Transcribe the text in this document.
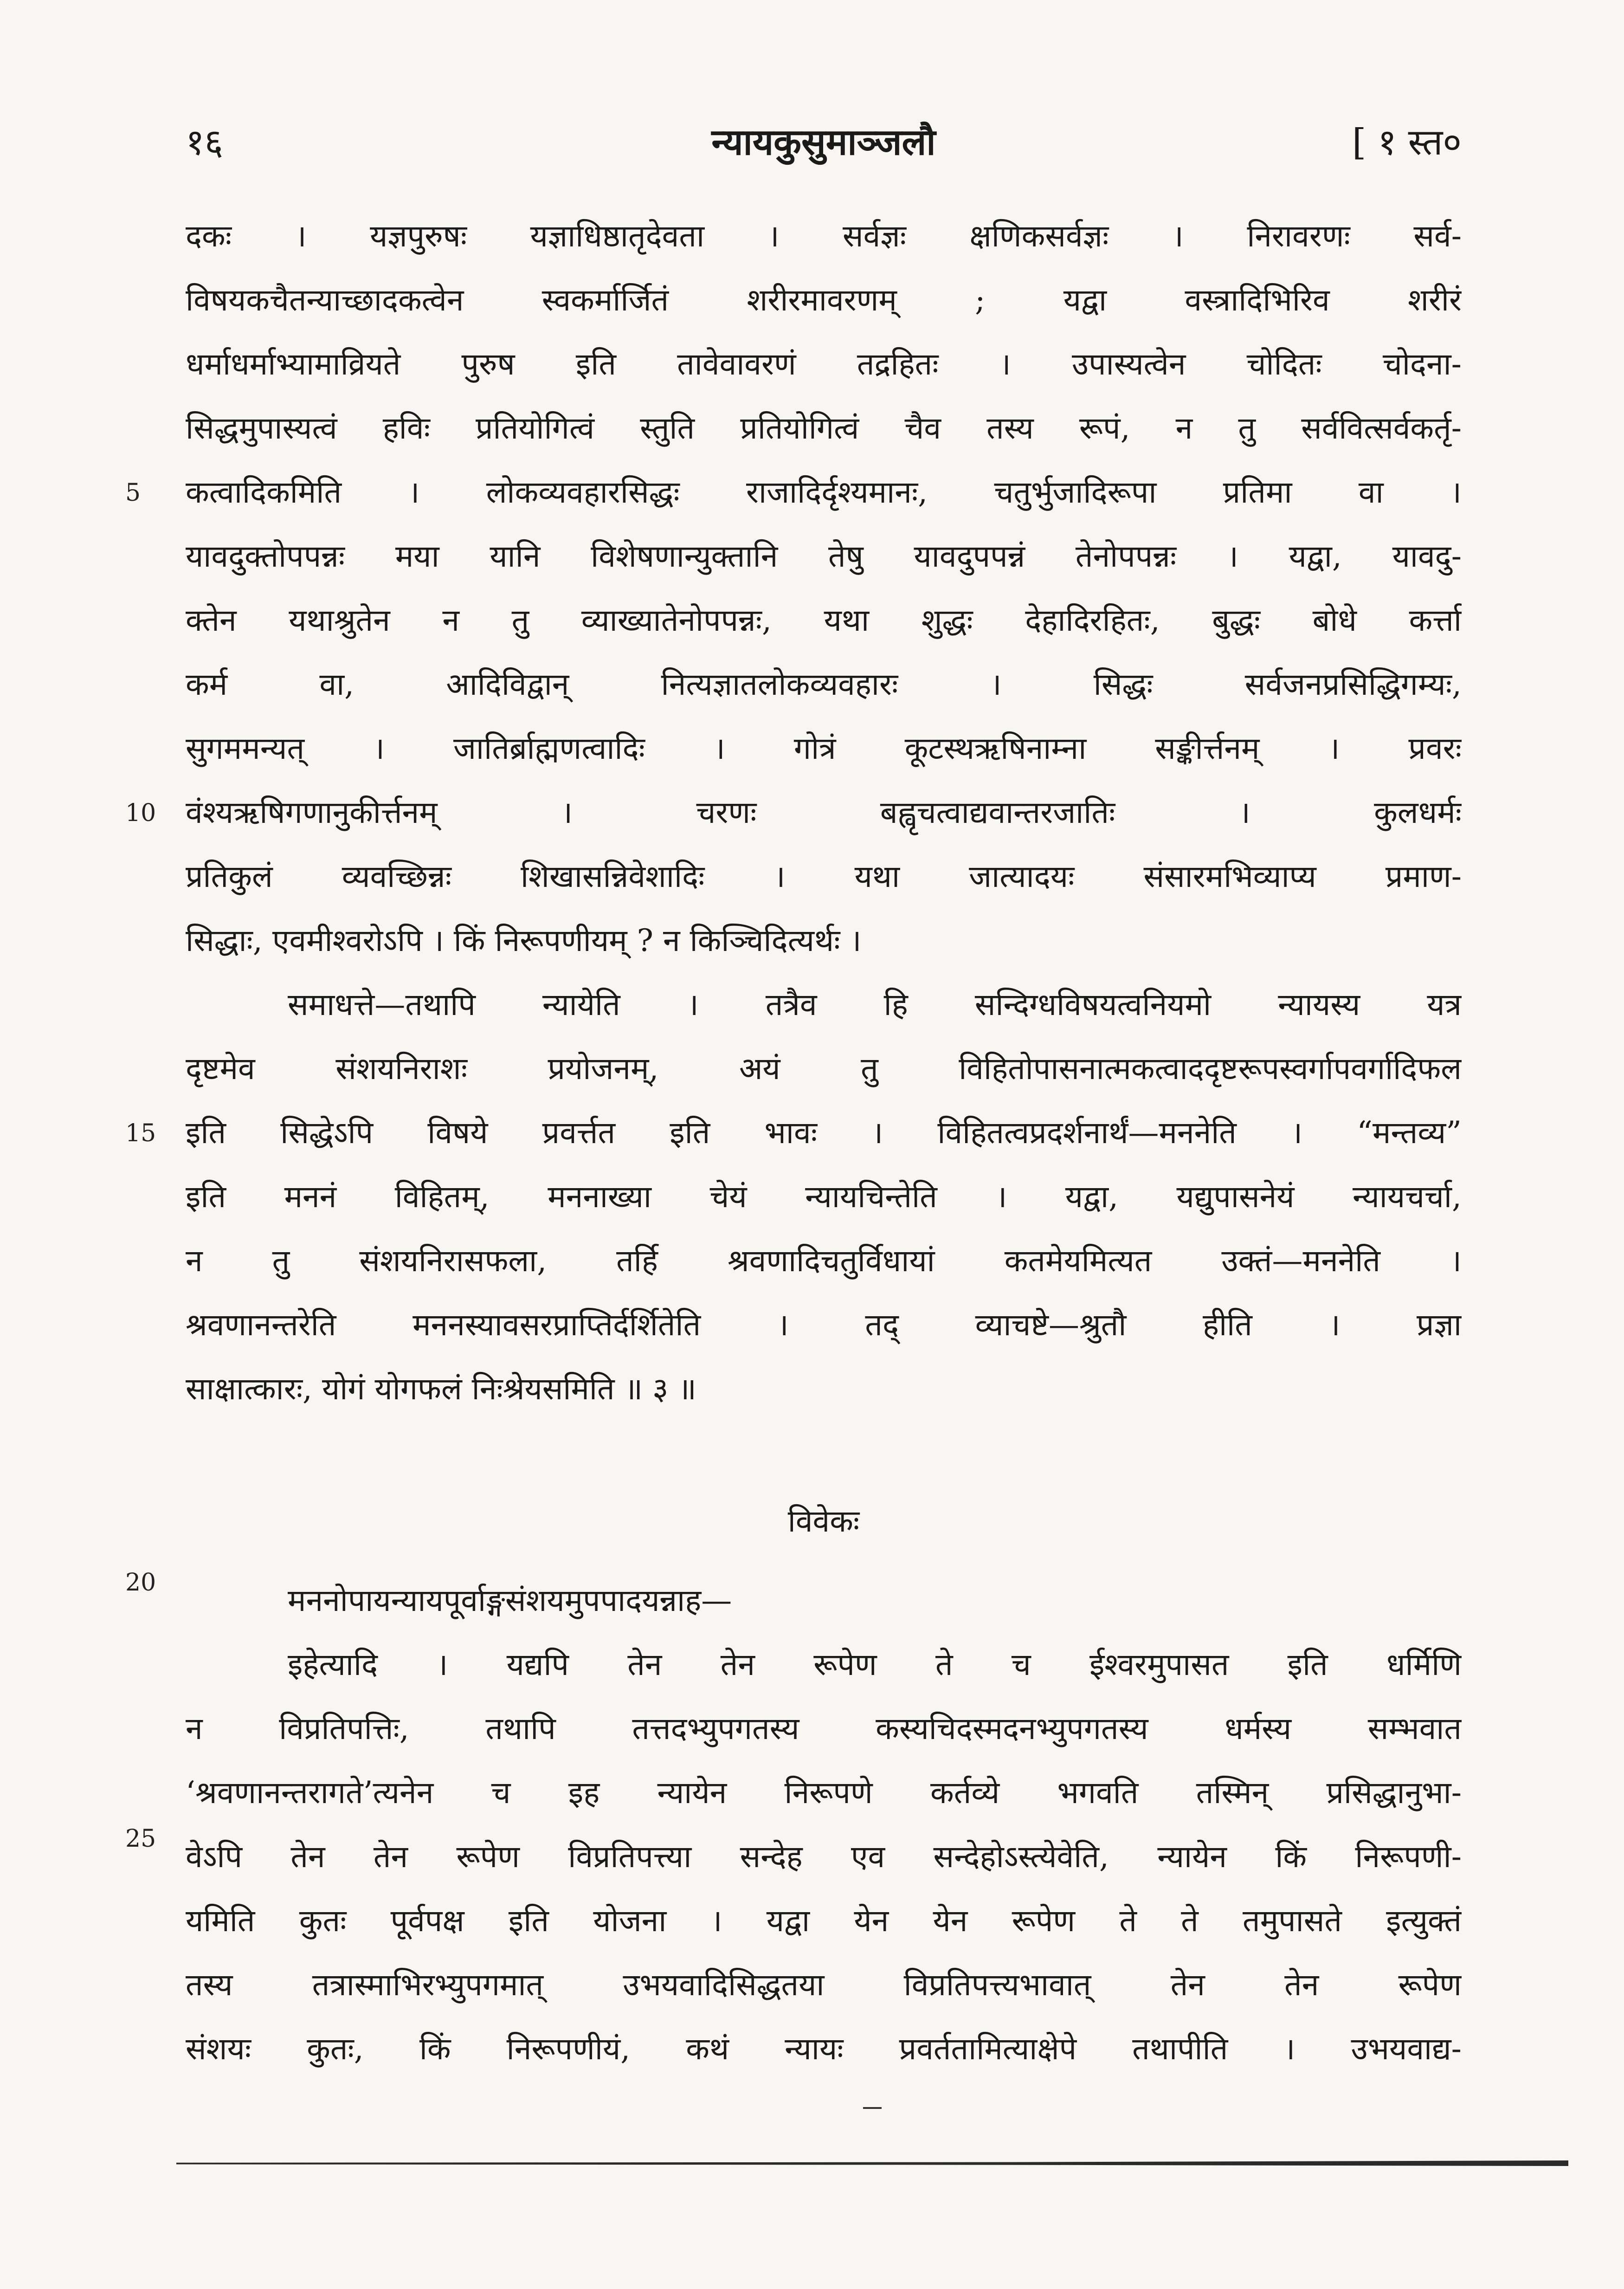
१६	न्यायकुसुमाञ्जलौ	[ १ स्त०
दकः । यज्ञपुरुषः यज्ञाधिष्ठातृदेवता । सर्वज्ञः क्षणिकसर्वज्ञः । निरावरणः सर्व-
विषयकचैतन्याच्छादकत्वेन स्वकर्मार्जितं शरीरमावरणम् ; यद्वा वस्त्रादिभिरिव शरीरं
धर्माधर्माभ्यामाव्रियते पुरुष इति तावेवावरणं तद्रहितः । उपास्यत्वेन चोदितः चोदना-
सिद्धमुपास्यत्वं हविः प्रतियोगित्वं स्तुति प्रतियोगित्वं चैव तस्य रूपं, न तु सर्ववित्सर्वकर्तृ-
कत्वादिकमिति । लोकव्यवहारसिद्धः राजादिर्दृश्यमानः, चतुर्भुजादिरूपा प्रतिमा वा ।
यावदुक्तोपपन्नः मया यानि विशेषणान्युक्तानि तेषु यावदुपपन्नं तेनोपपन्नः । यद्वा, यावदु-
क्तेन यथाश्रुतेन न तु व्याख्यातेनोपपन्नः, यथा शुद्धः देहादिरहितः, बुद्धः बोधे कर्त्ता
कर्म वा, आदिविद्वान् नित्यज्ञातलोकव्यवहारः । सिद्धः सर्वजनप्रसिद्धिगम्यः,
सुगममन्यत् । जातिर्ब्राह्मणत्वादिः । गोत्रं कूटस्थऋषिनाम्ना सङ्कीर्त्तनम् । प्रवरः
वंश्यऋषिगणानुकीर्त्तनम् । चरणः बह्वृचत्वाद्यवान्तरजातिः । कुलधर्मः
प्रतिकुलं व्यवच्छिन्नः शिखासन्निवेशादिः । यथा जात्यादयः संसारमभिव्याप्य प्रमाण-
सिद्धाः, एवमीश्वरोऽपि । किं निरूपणीयम् ? न किञ्चिदित्यर्थः ।
समाधत्ते—तथापि न्यायेति । तत्रैव हि सन्दिग्धविषयत्वनियमो न्यायस्य यत्र
दृष्टमेव संशयनिराशः प्रयोजनम्, अयं तु विहितोपासनात्मकत्वाददृष्टरूपस्वर्गापवर्गादिफल
इति सिद्धेऽपि विषये प्रवर्त्तत इति भावः । विहितत्वप्रदर्शनार्थं—मननेति । “मन्तव्य”
इति मननं विहितम्, मननाख्या चेयं न्यायचिन्तेति । यद्वा, यद्युपासनेयं न्यायचर्चा,
न तु संशयनिरासफला, तर्हि श्रवणादिचतुर्विधायां कतमेयमित्यत उक्तं—मननेति ।
श्रवणानन्तरेति मननस्यावसरप्राप्तिर्दर्शितेति । तद् व्याचष्टे—श्रुतौ हीति । प्रज्ञा
साक्षात्कारः, योगं योगफलं निःश्रेयसमिति ॥ ३ ॥
5
10
15
विवेकः
मननोपायन्यायपूर्वाङ्गसंशयमुपपादयन्नाह—
इहेत्यादि । यद्यपि तेन तेन रूपेण ते च ईश्वरमुपासत इति धर्मिणि
न विप्रतिपत्तिः, तथापि तत्तदभ्युपगतस्य कस्यचिदस्मदनभ्युपगतस्य धर्मस्य सम्भवात
‘श्रवणानन्तरागते’त्यनेन च इह न्यायेन निरूपणे कर्तव्ये भगवति तस्मिन् प्रसिद्धानुभा-
वेऽपि तेन तेन रूपेण विप्रतिपत्त्या सन्देह एव सन्देहोऽस्त्येवेति, न्यायेन किं निरूपणी-
यमिति कुतः पूर्वपक्ष इति योजना । यद्वा येन येन रूपेण ते ते तमुपासते इत्युक्तं
तस्य तत्रास्माभिरभ्युपगमात् उभयवादिसिद्धतया विप्रतिपत्त्यभावात् तेन तेन रूपेण
संशयः कुतः, किं निरूपणीयं, कथं न्यायः प्रवर्ततामित्याक्षेपे तथापीति । उभयवाद्य-
20
25
